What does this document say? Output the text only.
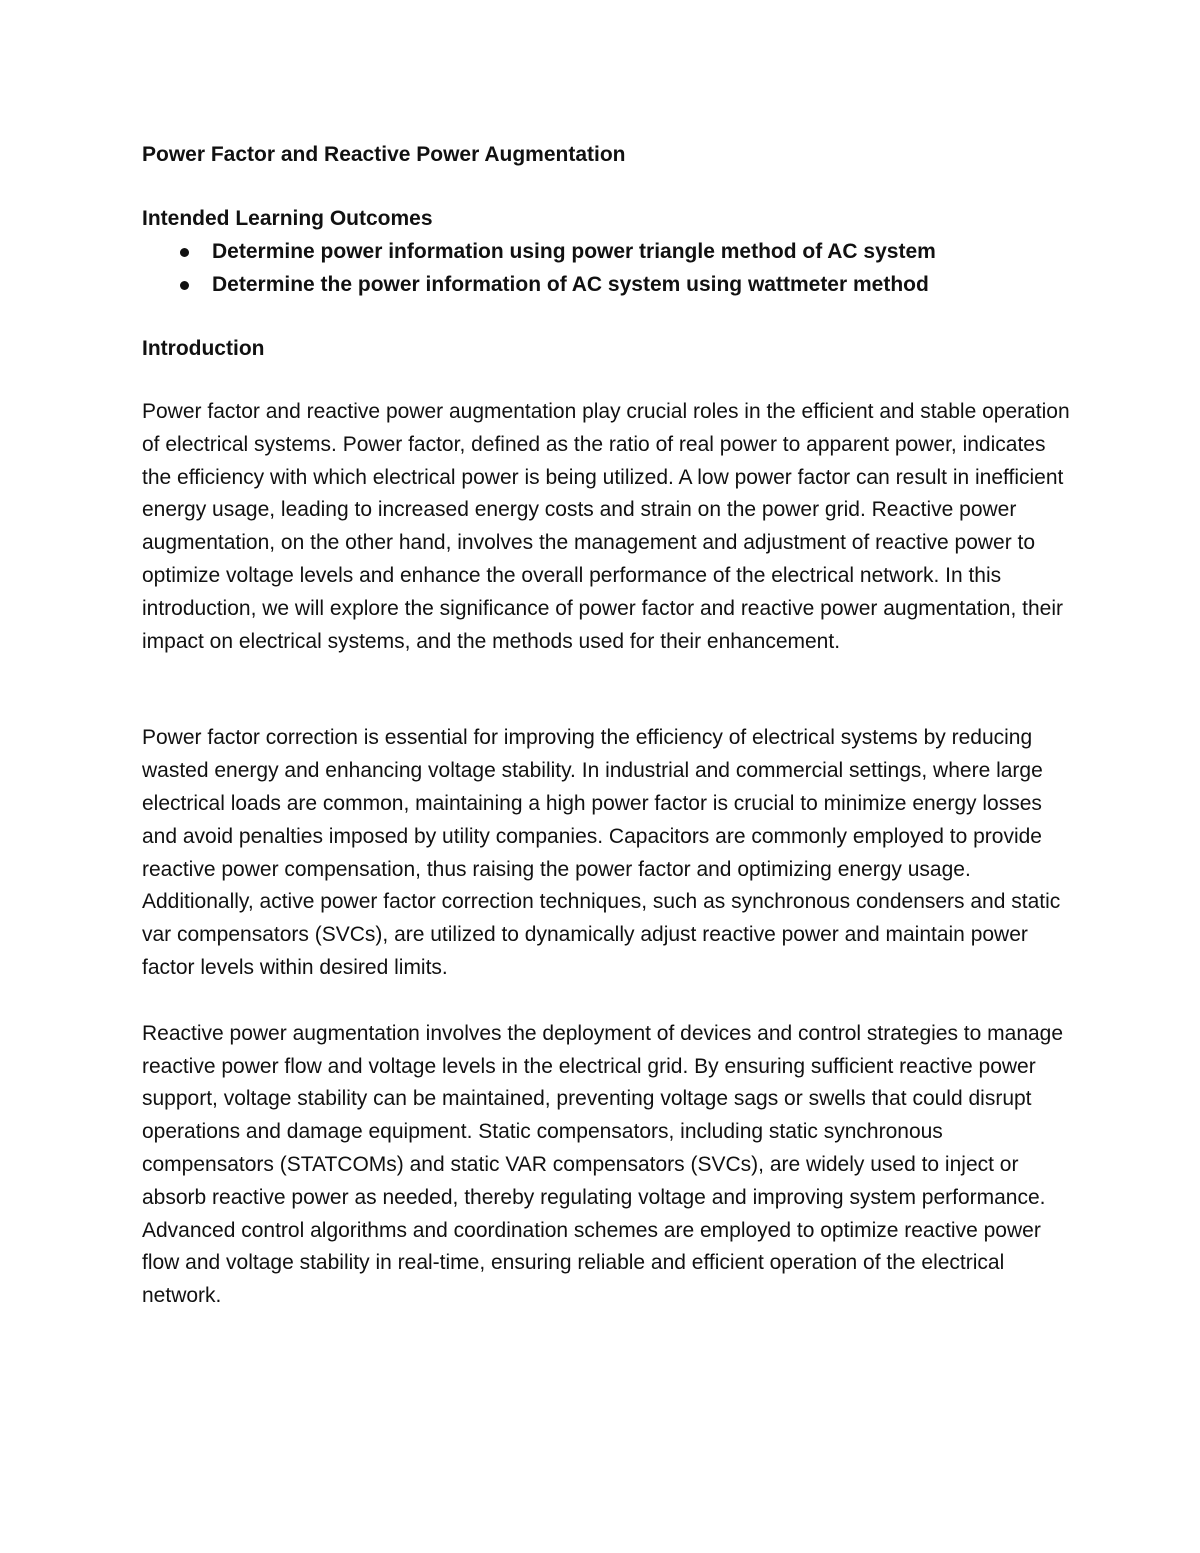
Power Factor and Reactive Power Augmentation
Intended Learning Outcomes
Determine power information using power triangle method of AC system
Determine the power information of AC system using wattmeter method
Introduction

Power factor and reactive power augmentation play crucial roles in the efficient and stable operation of electrical systems. Power factor, defined as the ratio of real power to apparent power, indicates the efficiency with which electrical power is being utilized. A low power factor can result in inefficient energy usage, leading to increased energy costs and strain on the power grid. Reactive power augmentation, on the other hand, involves the management and adjustment of reactive power to optimize voltage levels and enhance the overall performance of the electrical network. In this introduction, we will explore the significance of power factor and reactive power augmentation, their impact on electrical systems, and the methods used for their enhancement.

Power factor correction is essential for improving the efficiency of electrical systems by reducing wasted energy and enhancing voltage stability. In industrial and commercial settings, where large electrical loads are common, maintaining a high power factor is crucial to minimize energy losses and avoid penalties imposed by utility companies. Capacitors are commonly employed to provide reactive power compensation, thus raising the power factor and optimizing energy usage. Additionally, active power factor correction techniques, such as synchronous condensers and static var compensators (SVCs), are utilized to dynamically adjust reactive power and maintain power factor levels within desired limits.

Reactive power augmentation involves the deployment of devices and control strategies to manage reactive power flow and voltage levels in the electrical grid. By ensuring sufficient reactive power support, voltage stability can be maintained, preventing voltage sags or swells that could disrupt operations and damage equipment. Static compensators, including static synchronous compensators (STATCOMs) and static VAR compensators (SVCs), are widely used to inject or absorb reactive power as needed, thereby regulating voltage and improving system performance. Advanced control algorithms and coordination schemes are employed to optimize reactive power flow and voltage stability in real-time, ensuring reliable and efficient operation of the electrical network.
